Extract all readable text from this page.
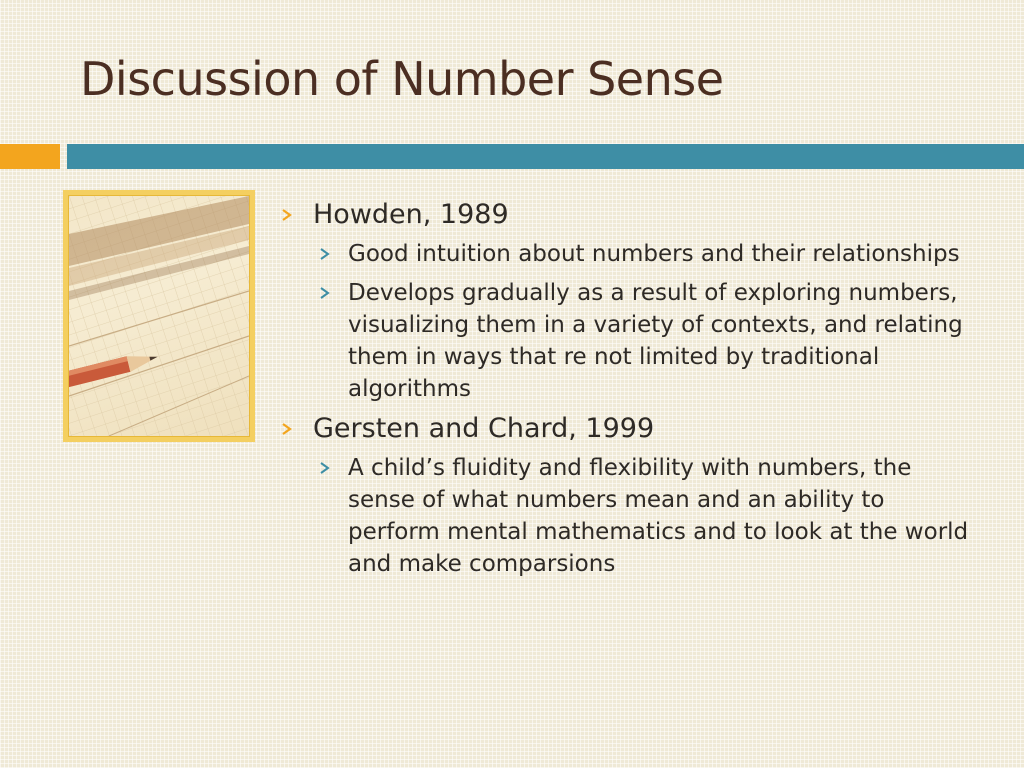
Discussion of Number Sense
Howden, 1989
Good intuition about numbers and their relationships
Develops gradually as a result of exploring numbers, visualizing them in a variety of contexts, and relating them in ways that re not limited by traditional algorithms
Gersten and Chard, 1999
A child’s fluidity and flexibility with numbers, the sense of what numbers mean and an ability to perform mental mathematics and to look at the world and make comparsions
